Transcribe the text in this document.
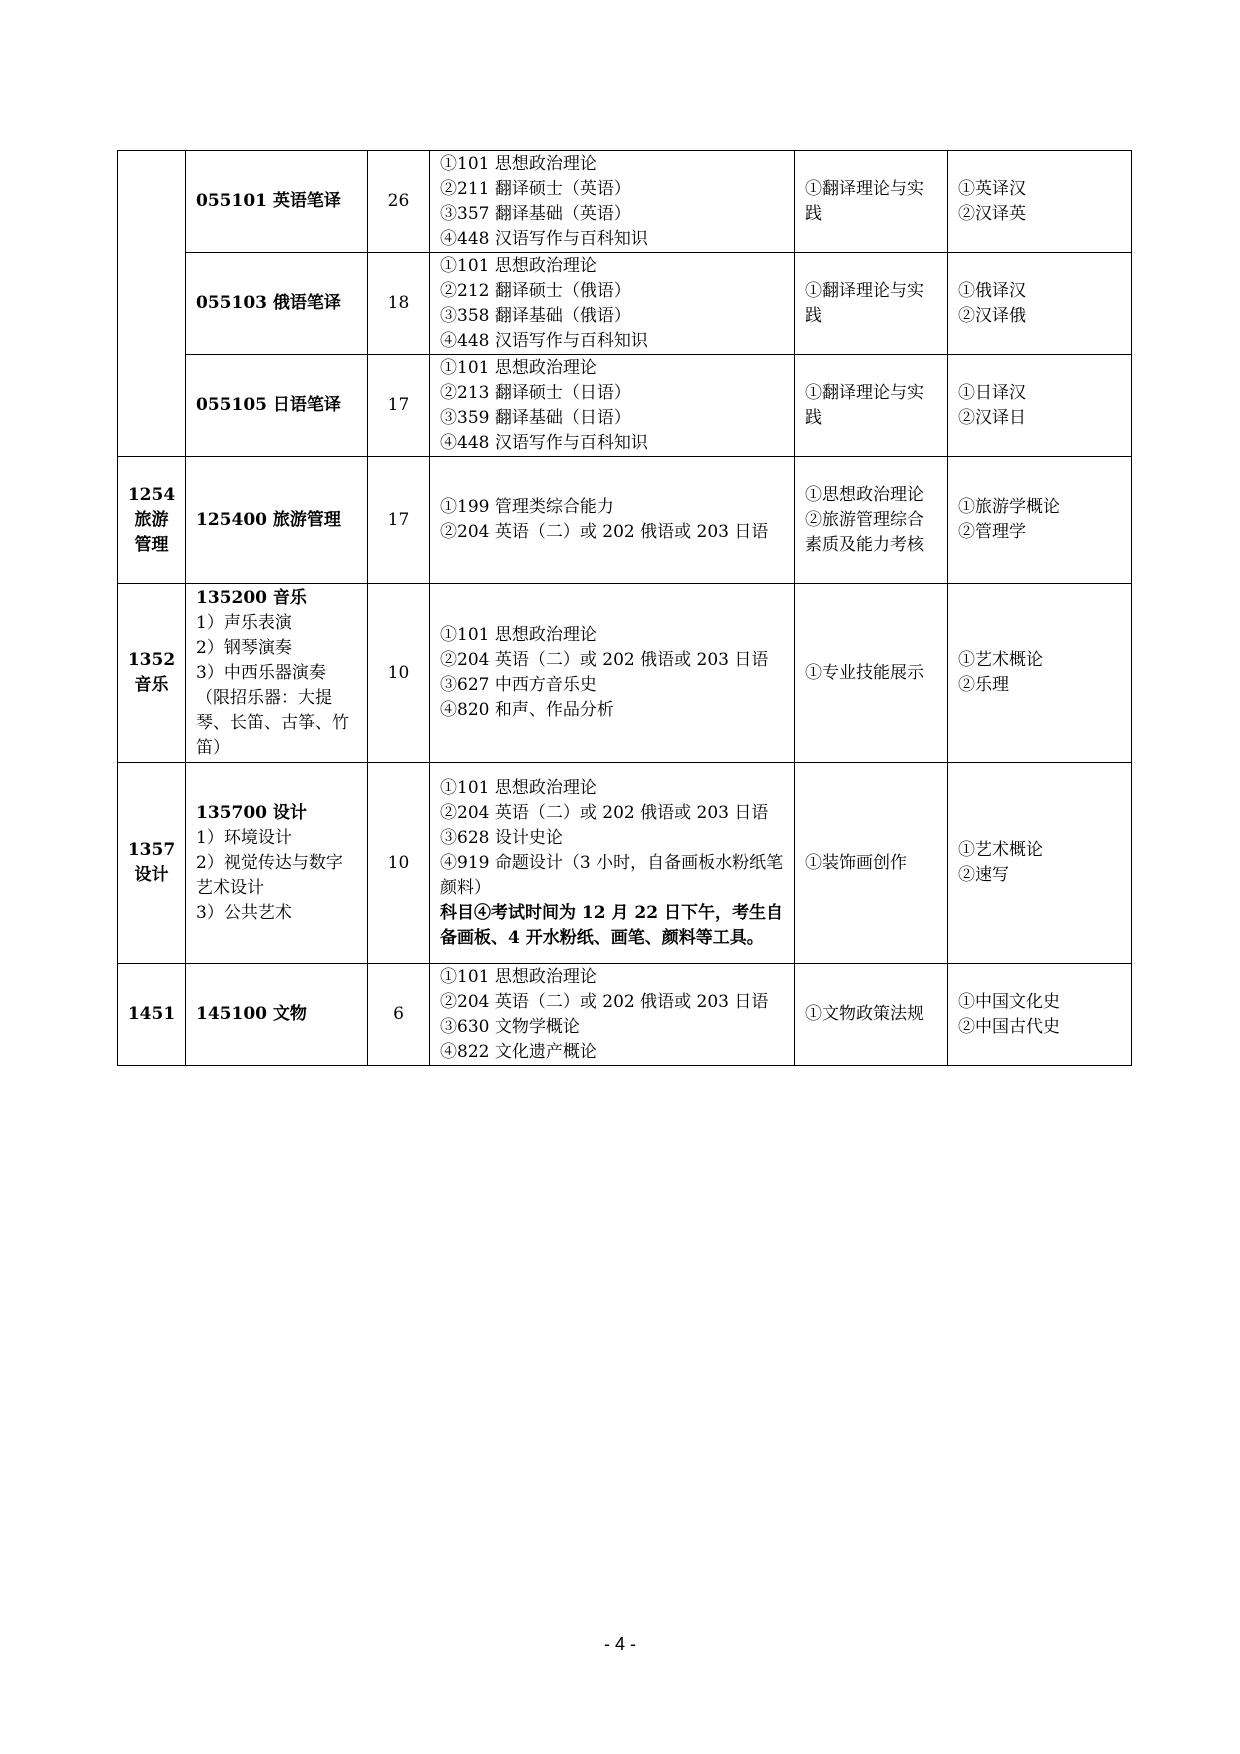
	055101 英语笔译	26	①101 思想政治理论
②211 翻译硕士（英语）
③357 翻译基础（英语）
④448 汉语写作与百科知识	①翻译理论与实践	①英译汉
②汉译英

	055103 俄语笔译	18	①101 思想政治理论
②212 翻译硕士（俄语）
③358 翻译基础（俄语）
④448 汉语写作与百科知识	①翻译理论与实践	①俄译汉
②汉译俄

	055105 日语笔译	17	①101 思想政治理论
②213 翻译硕士（日语）
③359 翻译基础（日语）
④448 汉语写作与百科知识	①翻译理论与实践	①日译汉
②汉译日

1254
旅游
管理	125400 旅游管理	17	①199 管理类综合能力
②204 英语（二）或 202 俄语或 203 日语	①思想政治理论
②旅游管理综合素质及能力考核	①旅游学概论
②管理学

1352
音乐	135200 音乐
1）声乐表演
2）钢琴演奏
3）中西乐器演奏（限招乐器：大提琴、长笛、古筝、竹笛）	10	①101 思想政治理论
②204 英语（二）或 202 俄语或 203 日语
③627 中西方音乐史
④820 和声、作品分析	①专业技能展示	①艺术概论
②乐理

1357
设计	135700 设计
1）环境设计
2）视觉传达与数字艺术设计
3）公共艺术	10	①101 思想政治理论
②204 英语（二）或 202 俄语或 203 日语
③628 设计史论
④919 命题设计（3 小时，自备画板水粉纸笔颜料）
科目④考试时间为 12 月 22 日下午，考生自备画板、4 开水粉纸、画笔、颜料等工具。	①装饰画创作	①艺术概论
②速写

1451	145100 文物	6	①101 思想政治理论
②204 英语（二）或 202 俄语或 203 日语
③630 文物学概论
④822 文化遗产概论	①文物政策法规	①中国文化史
②中国古代史
- 4 -
